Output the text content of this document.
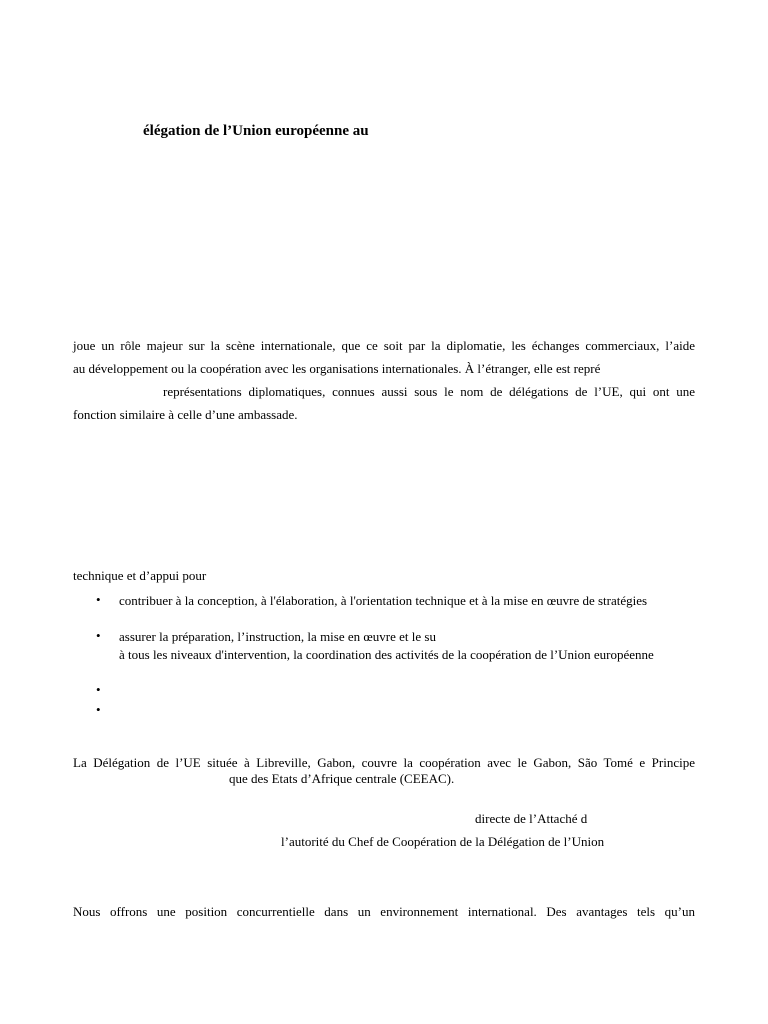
élégation de l’Union européenne au
joue un rôle majeur sur la scène internationale, que ce soit par la diplomatie, les échanges commerciaux, l’aide
au développement ou la coopération avec les organisations internationales. À l’étranger, elle est repré
représentations diplomatiques, connues aussi sous le nom de délégations de l’UE, qui ont une
fonction similaire à celle d’une ambassade.
technique et d’appui pour
• contribuer à la conception, à l'élaboration, à l'orientation technique et à la mise en œuvre de stratégies
• assurer la préparation, l’instruction, la mise en œuvre et le su
à tous les niveaux d'intervention, la coordination des activités de la coopération de l’Union européenne
•
•
La Délégation de l’UE située à Libreville, Gabon, couvre la coopération avec le Gabon, São Tomé e Principe
que des Etats d’Afrique centrale (CEEAC).
directe de l’Attaché d
l’autorité du Chef de Coopération de la Délégation de l’Union
Nous offrons une position concurrentielle dans un environnement international. Des avantages tels qu’un
